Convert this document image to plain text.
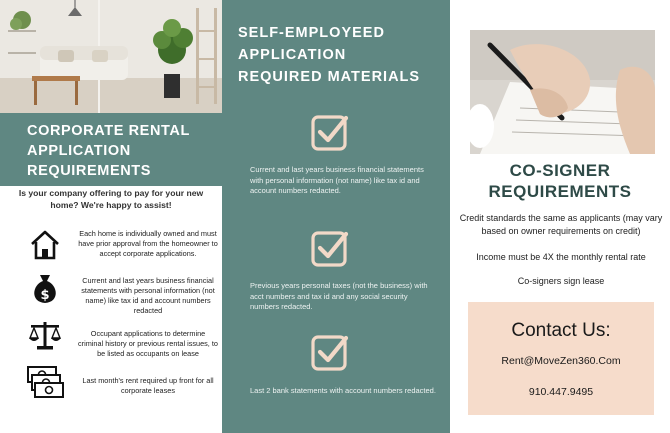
CORPORATE RENTAL
APPLICATION
REQUIREMENTS
Is your company offering to pay for your new home? We're happy to assist!
Each home is individually owned and must have prior approval from the homeowner to accept corporate applications.
$
Current and last years business financial statements with personal information (not name) like tax id and account numbers redacted
Occupant applications to determine criminal history or previous rental issues, to be listed as occupants on lease
Last month's rent required up front for all corporate leases
SELF-EMPLOYEED
APPLICATION
REQUIRED MATERIALS
Current and last years business financial statements with personal information (not name) like tax id and account numbers redacted.
Previous years personal taxes (not the business) with acct numbers and tax id and any social security numbers redacted.
Last 2 bank statements with account numbers redacted.
CO-SIGNER
REQUIREMENTS
Credit standards the same as applicants (may vary based on owner requirements on credit)
Income must be 4X the monthly rental rate
Co-signers sign lease
Contact Us:
Rent@MoveZen360.Com
910.447.9495
